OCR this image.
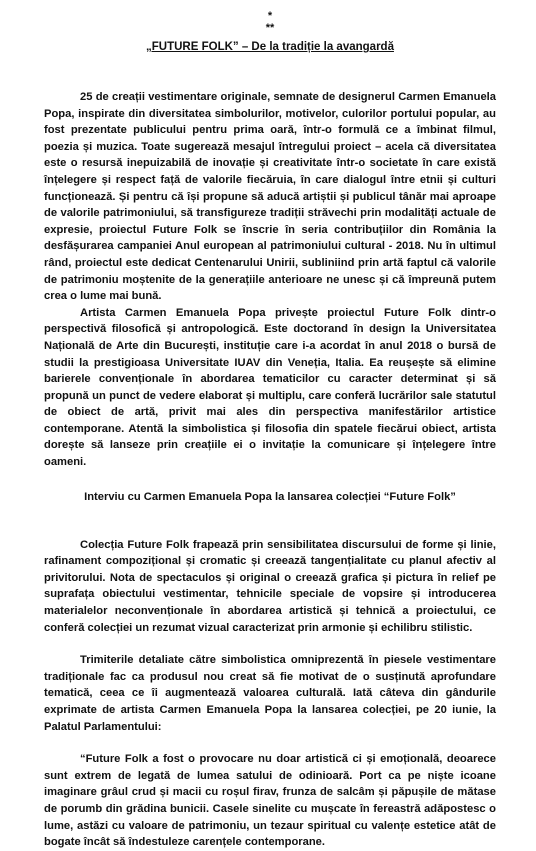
*
**
„FUTURE FOLK” – De la tradiție la avangardă

25 de creații vestimentare originale, semnate de designerul Carmen Emanuela Popa, inspirate din diversitatea simbolurilor, motivelor, culorilor portului popular, au fost prezentate publicului pentru prima oară, într-o formulă ce a îmbinat filmul, poezia și muzica. Toate sugerează mesajul întregului proiect – acela că diversitatea este o resursă inepuizabilă de inovație și creativitate într-o societate în care există înțelegere și respect față de valorile fiecăruia, în care dialogul între etnii și culturi funcționează. Și pentru că își propune să aducă artiștii și publicul tânăr mai aproape de valorile patrimoniului, să transfigureze tradiții străvechi prin modalități actuale de expresie, proiectul Future Folk se înscrie în seria contribuțiilor din România la desfășurarea campaniei Anul european al patrimoniului cultural - 2018. Nu în ultimul rând, proiectul este dedicat Centenarului Unirii, subliniind prin artă faptul că valorile de patrimoniu moștenite de la generațiile anterioare ne unesc și că împreună putem crea o lume mai bună.

Artista Carmen Emanuela Popa privește proiectul Future Folk dintr-o perspectivă filosofică și antropologică. Este doctorand în design la Universitatea Națională de Arte din București, instituție care i-a acordat în anul 2018 o bursă de studii la prestigioasa Universitate IUAV din Veneția, Italia. Ea reușește să elimine barierele convenționale în abordarea tematicilor cu caracter determinat și să propună un punct de vedere elaborat și multiplu, care conferă lucrărilor sale statutul de obiect de artă, privit mai ales din perspectiva manifestărilor artistice contemporane. Atentă la simbolistica și filosofia din spatele fiecărui obiect, artista dorește să lanseze prin creațiile ei o invitație la comunicare și înțelegere între oameni.

Interviu cu Carmen Emanuela Popa la lansarea colecției “Future Folk”

Colecția Future Folk frapează prin sensibilitatea discursului de forme și linie, rafinament compozițional și cromatic și creează tangențialitate cu planul afectiv al privitorului. Nota de spectaculos și original o creează grafica și pictura în relief pe suprafața obiectului vestimentar, tehnicile speciale de vopsire și introducerea materialelor neconvenționale în abordarea artistică și tehnică a proiectului, ce conferă colecției un rezumat vizual caracterizat prin armonie și echilibru stilistic.

Trimiterile detaliate către simbolistica omniprezentă în piesele vestimentare tradiționale fac ca produsul nou creat să fie motivat de o susținută aprofundare tematică, ceea ce îi augmentează valoarea culturală. Iată câteva din gândurile exprimate de artista Carmen Emanuela Popa la lansarea colecției, pe 20 iunie, la Palatul Parlamentului:

“Future Folk a fost o provocare nu doar artistică ci și emoțională, deoarece sunt extrem de legată de lumea satului de odinioară. Port ca pe niște icoane imaginare grâul crud și macii cu roșul firav, frunza de salcâm și păpușile de mătase de porumb din grădina bunicii. Casele sinelite cu mușcate în fereastră adăpostesc o lume, astăzi cu valoare de patrimoniu, un tezaur spiritual cu valențe estetice atât de bogate încât să îndestuleze carențele contemporane.
